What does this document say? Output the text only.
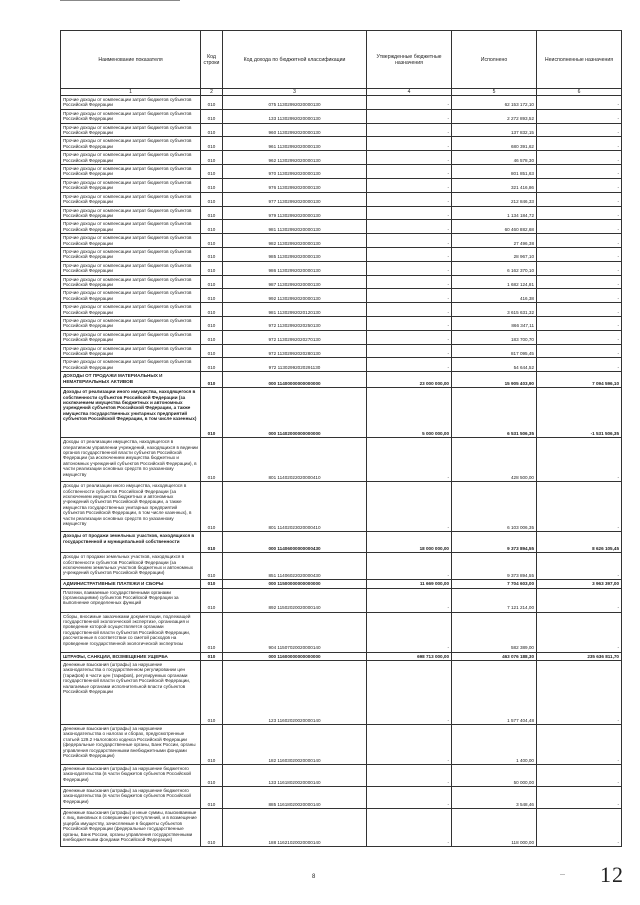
Наименование показателя	Код строки	Код дохода по бюджетной классификации	Утвержденные бюджетные назначения	Исполнено	Неисполненные назначения
1	2	3	4	5	6
Прочие доходы от компенсации затрат бюджетов субъектов Российской Федерации	010	075 11302992020000130	-	62 153 172,10	-
Прочие доходы от компенсации затрат бюджетов субъектов Российской Федерации	010	133 11302992020000130	-	2 272 893,52	-
Прочие доходы от компенсации затрат бюджетов субъектов Российской Федерации	010	960 11302992020000130	-	137 832,15	-
Прочие доходы от компенсации затрат бюджетов субъектов Российской Федерации	010	961 11302992020000130	-	680 391,62	-
Прочие доходы от компенсации затрат бюджетов субъектов Российской Федерации	010	962 11302992020000130	-	46 578,30	-
Прочие доходы от компенсации затрат бюджетов субъектов Российской Федерации	010	970 11302992020000130	-	801 851,63	-
Прочие доходы от компенсации затрат бюджетов субъектов Российской Федерации	010	976 11302992020000130	-	321 416,86	-
Прочие доходы от компенсации затрат бюджетов субъектов Российской Федерации	010	977 11302992020000130	-	212 846,33	-
Прочие доходы от компенсации затрат бюджетов субъектов Российской Федерации	010	979 11302992020000130	-	1 134 184,72	-
Прочие доходы от компенсации затрат бюджетов субъектов Российской Федерации	010	981 11302992020000130	-	60 460 882,68	-
Прочие доходы от компенсации затрат бюджетов субъектов Российской Федерации	010	982 11302992020000130	-	27 496,38	-
Прочие доходы от компенсации затрат бюджетов субъектов Российской Федерации	010	985 11302992020000130	-	28 967,10	-
Прочие доходы от компенсации затрат бюджетов субъектов Российской Федерации	010	986 11302992020000130	-	6 162 370,10	-
Прочие доходы от компенсации затрат бюджетов субъектов Российской Федерации	010	987 11302992020000130	-	1 682 124,81	-
Прочие доходы от компенсации затрат бюджетов субъектов Российской Федерации	010	992 11302992020000130	-	416,38	-
Прочие доходы от компенсации затрат бюджетов субъектов Российской Федерации	010	981 11302992020120130	-	3 615 631,32	-
Прочие доходы от компенсации затрат бюджетов субъектов Российской Федерации	010	972 11302992020250130	-	866 347,11	-
Прочие доходы от компенсации затрат бюджетов субъектов Российской Федерации	010	972 11302992020270130	-	183 700,70	-
Прочие доходы от компенсации затрат бюджетов субъектов Российской Федерации	010	972 11302992020280130	-	817 095,45	-
Прочие доходы от компенсации затрат бюджетов субъектов Российской Федерации	010	972 11302992020291130	-	54 644,52	-
ДОХОДЫ ОТ ПРОДАЖИ МАТЕРИАЛЬНЫХ И НЕМАТЕРИАЛЬНЫХ АКТИВОВ	010	000 11400000000000000	23 000 000,00	15 905 403,90	7 094 596,10
Доходы от реализации иного имущества, находящегося в собственности субъектов Российской Федерации (за исключением имущества бюджетных и автономных учреждений субъектов Российской Федерации, а также имущества государственных унитарных предприятий субъектов Российской Федерации, в том числе казенных)	010	000 11402000000000000	5 000 000,00	6 531 506,35	-1 531 506,35
Доходы от реализации имущества, находящегося в оперативном управлении учреждений, находящихся в ведении органов государственной власти субъектов Российской Федерации (за исключением имущества бюджетных и автономных учреждений субъектов Российской Федерации), в части реализации основных средств по указанному имуществу	010	801 11402022020000410	-	428 500,00	-
Доходы от реализации иного имущества, находящегося в собственности субъектов Российской Федерации (за исключением имущества бюджетных и автономных учреждений субъектов Российской Федерации, а также имущества государственных унитарных предприятий субъектов Российской Федерации, в том числе казенных), в части реализации основных средств по указанному имуществу	010	801 11402023020000410	-	6 103 006,35	-
Доходы от продажи земельных участков, находящихся в государственной и муниципальной собственности	010	000 11406000000000430	18 000 000,00	9 373 894,55	8 626 105,45
Доходы от продажи земельных участков, находящихся в собственности субъектов Российской Федерации (за исключением земельных участков бюджетных и автономных учреждений субъектов Российской Федерации)	010	851 11406022020000430	-	9 373 894,55	-
АДМИНИСТРАТИВНЫЕ ПЛАТЕЖИ И СБОРЫ	010	000 11500000000000000	11 669 000,00	7 704 603,00	3 963 397,00
Платежи, взимаемые государственными органами (организациями) субъектов Российской Федерации за выполнение определенных функций	010	892 11502020020000140	-	7 121 214,00	-
Сборы, вносимые заказчиками документации, подлежащей государственной экологической экспертизе, организация и проведение которой осуществляется органами государственной власти субъектов Российской Федерации, рассчитанные в соответствии со сметой расходов на проведение государственной экологической экспертизы	010	904 11507020020000140	-	582 389,00	-
ШТРАФЫ, САНКЦИИ, ВОЗМЕЩЕНИЕ УЩЕРБА	010	000 11600000000000000	698 713 000,00	463 076 188,30	235 636 811,70
Денежные взыскания (штрафы) за нарушение законодательства о государственном регулировании цен (тарифов) в части цен (тарифов), регулируемых органами государственной власти субъектов Российской Федерации, налагаемые органами исполнительной власти субъектов Российской Федерации	010	123 11602020020000140	-	1 577 404,48	-
Денежные взыскания (штрафы) за нарушение законодательства о налогах и сборах, предусмотренные статьей 129.2 Налогового кодекса Российской Федерации (федеральные государственные органы, Банк России, органы управления государственными внебюджетными фондами Российской Федерации)	010	182 11603020020000140	-	1 400,00	-
Денежные взыскания (штрафы) за нарушение бюджетного законодательства (в части бюджетов субъектов Российской Федерации)	010	133 11618020020000140	-	50 000,00	-
Денежные взыскания (штрафы) за нарушение бюджетного законодательства (в части бюджетов субъектов Российской Федерации)	010	885 11618020020000140	-	3 548,46	-
Денежные взыскания (штрафы) и иные суммы, взыскиваемые с лиц, виновных в совершении преступлений, и в возмещение ущерба имуществу, зачисляемые в бюджеты субъектов Российской Федерации (федеральные государственные органы, Банк России, органы управления государственными внебюджетными фондами Российской Федерации)	010	188 11621020020000140	-	118 000,00	-
8	— 12
